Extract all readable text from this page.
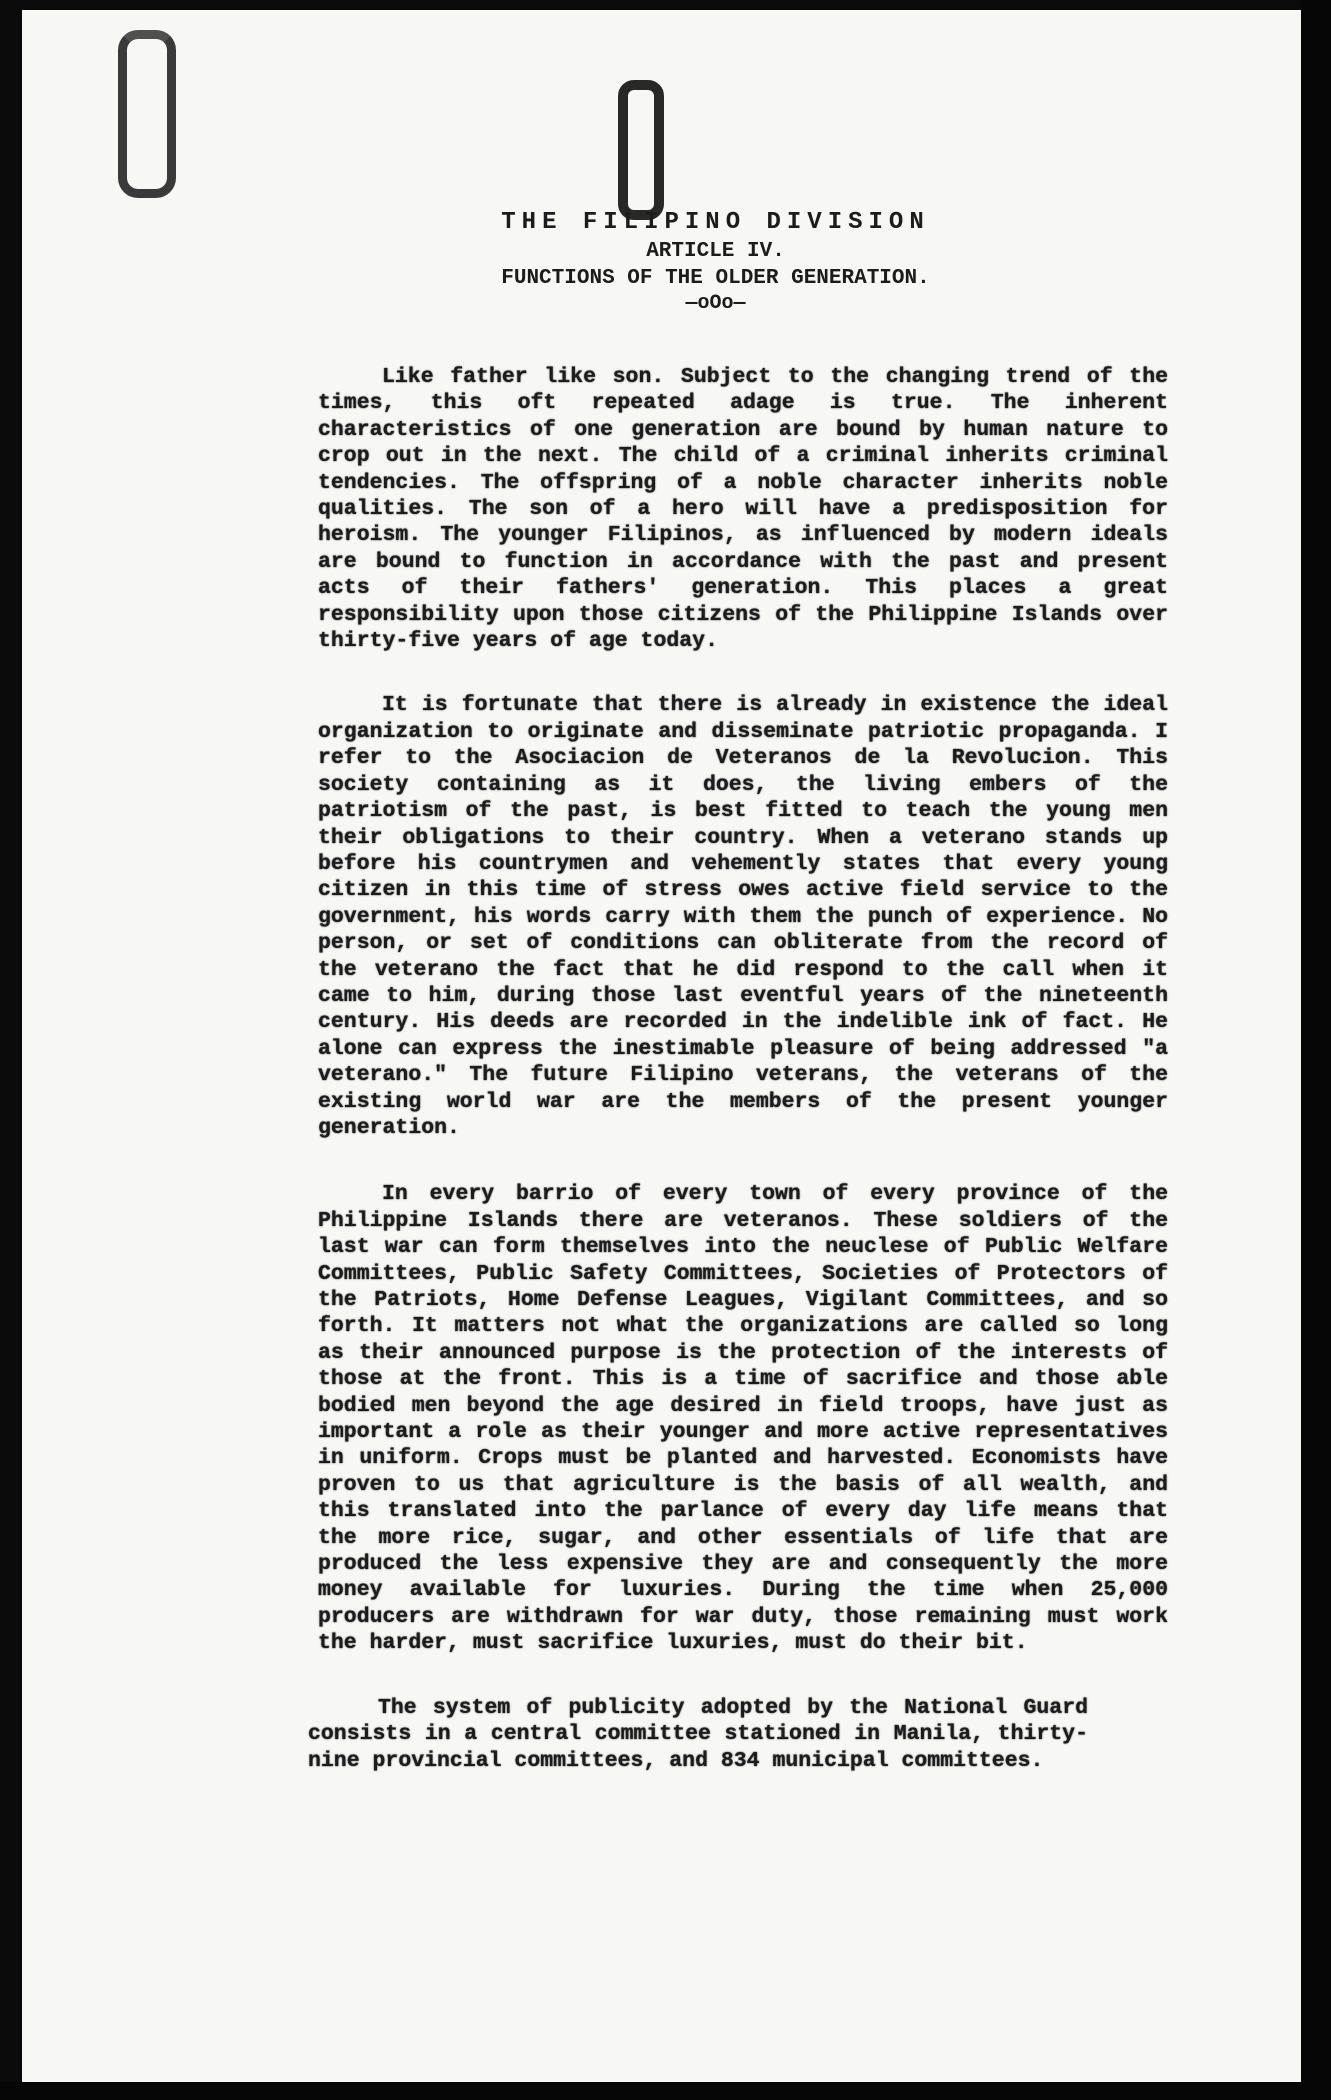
THE FILIPINO DIVISION
ARTICLE IV.
FUNCTIONS OF THE OLDER GENERATION.
—oOo—

Like father like son. Subject to the changing trend of the times, this oft repeated adage is true. The inherent characteristics of one generation are bound by human nature to crop out in the next. The child of a criminal inherits criminal tendencies. The offspring of a noble character inherits noble qualities. The son of a hero will have a predisposition for heroism. The younger Filipinos, as influenced by modern ideals are bound to function in accordance with the past and present acts of their fathers' generation. This places a great responsibility upon those citizens of the Philippine Islands over thirty-five years of age today.

It is fortunate that there is already in existence the ideal organization to originate and disseminate patriotic propaganda. I refer to the Asociacion de Veteranos de la Revolucion. This society containing as it does, the living embers of the patriotism of the past, is best fitted to teach the young men their obligations to their country. When a veterano stands up before his countrymen and vehemently states that every young citizen in this time of stress owes active field service to the government, his words carry with them the punch of experience. No person, or set of conditions can obliterate from the record of the veterano the fact that he did respond to the call when it came to him, during those last eventful years of the nineteenth century. His deeds are recorded in the indelible ink of fact. He alone can express the inestimable pleasure of being addressed "a veterano." The future Filipino veterans, the veterans of the existing world war are the members of the present younger generation.

In every barrio of every town of every province of the Philippine Islands there are veteranos. These soldiers of the last war can form themselves into the neuclese of Public Welfare Committees, Public Safety Committees, Societies of Protectors of the Patriots, Home Defense Leagues, Vigilant Committees, and so forth. It matters not what the organizations are called so long as their announced purpose is the protection of the interests of those at the front. This is a time of sacrifice and those able bodied men beyond the age desired in field troops, have just as important a role as their younger and more active representatives in uniform. Crops must be planted and harvested. Economists have proven to us that agriculture is the basis of all wealth, and this translated into the parlance of every day life means that the more rice, sugar, and other essentials of life that are produced the less expensive they are and consequently the more money available for luxuries. During the time when 25,000 producers are withdrawn for war duty, those remaining must work the harder, must sacrifice luxuries, must do their bit.

The system of publicity adopted by the National Guard consists in a central committee stationed in Manila, thirty-nine provincial committees, and 834 municipal committees.
